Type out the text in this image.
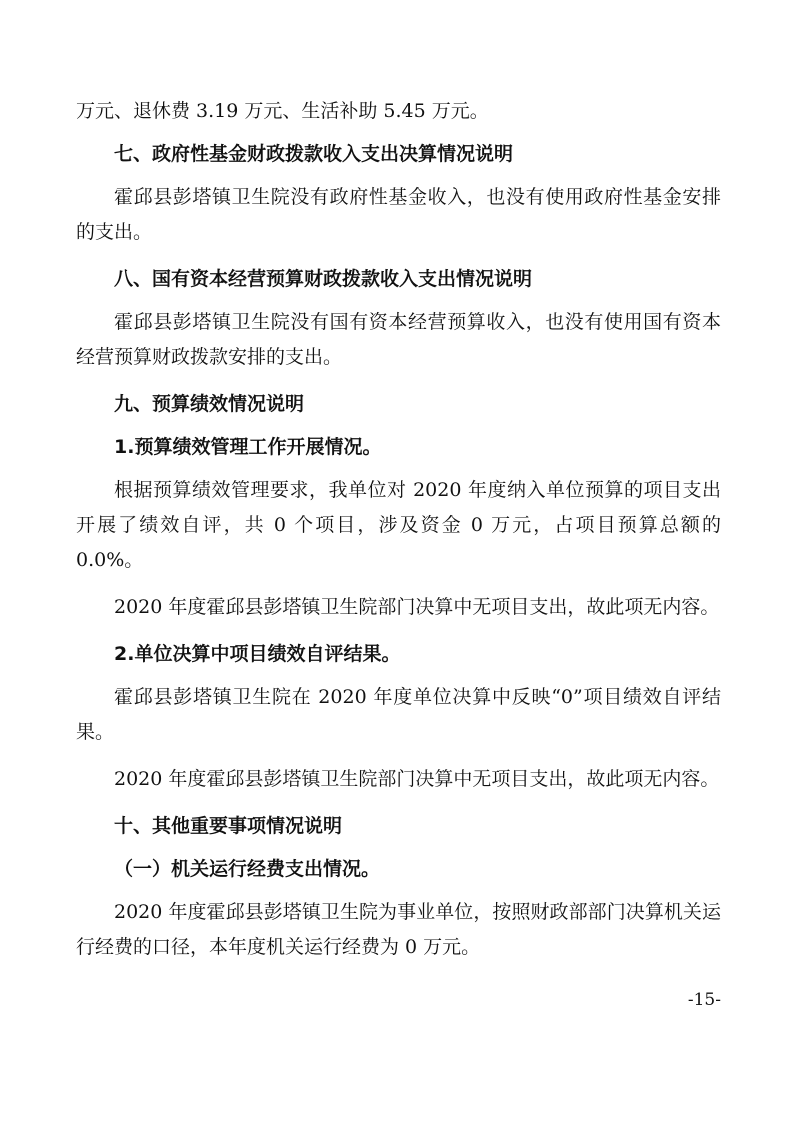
万元、退休费 3.19 万元、生活补助 5.45 万元。

七、政府性基金财政拨款收入支出决算情况说明

霍邱县彭塔镇卫生院没有政府性基金收入，也没有使用政府性基金安排的支出。

八、国有资本经营预算财政拨款收入支出情况说明

霍邱县彭塔镇卫生院没有国有资本经营预算收入，也没有使用国有资本经营预算财政拨款安排的支出。

九、预算绩效情况说明

1.预算绩效管理工作开展情况。

根据预算绩效管理要求，我单位对 2020 年度纳入单位预算的项目支出开展了绩效自评，共 0 个项目，涉及资金 0 万元，占项目预算总额的 0.0%。

2020 年度霍邱县彭塔镇卫生院部门决算中无项目支出，故此项无内容。

2.单位决算中项目绩效自评结果。

霍邱县彭塔镇卫生院在 2020 年度单位决算中反映“0”项目绩效自评结果。

2020 年度霍邱县彭塔镇卫生院部门决算中无项目支出，故此项无内容。

十、其他重要事项情况说明

（一）机关运行经费支出情况。

2020 年度霍邱县彭塔镇卫生院为事业单位，按照财政部部门决算机关运行经费的口径，本年度机关运行经费为 0 万元。

-15-
